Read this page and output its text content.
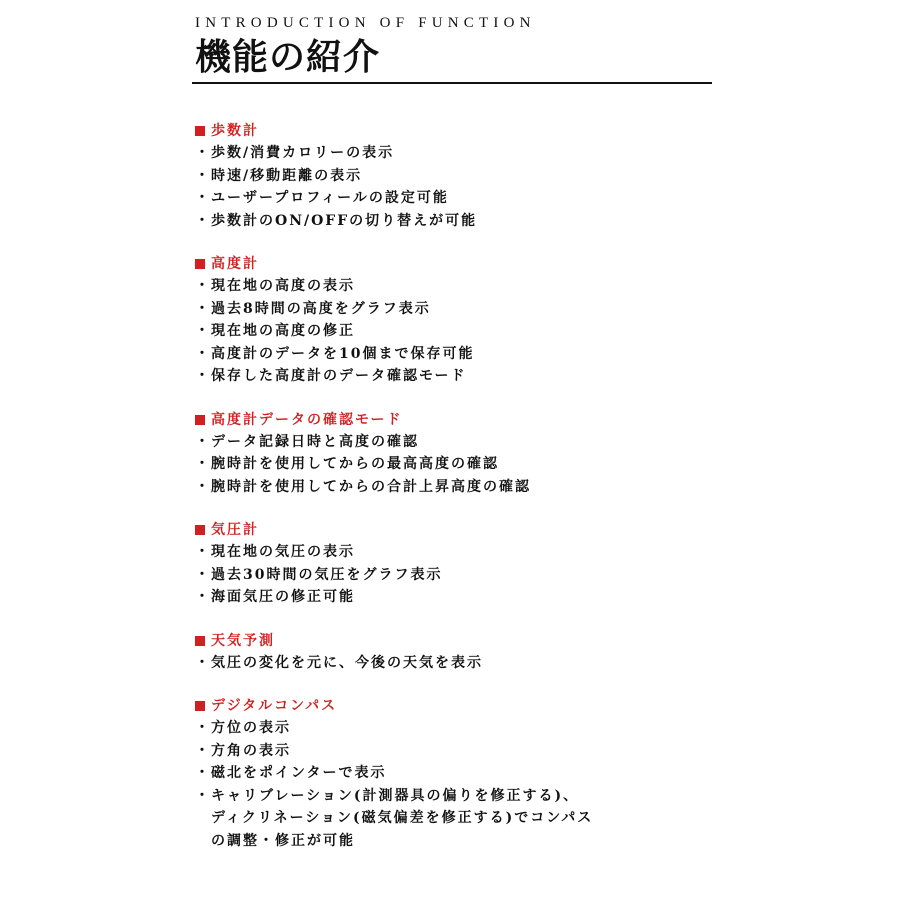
INTRODUCTION OF FUNCTION
機能の紹介
歩数計
・ 歩数/消費カロリーの表示
・ 時速/移動距離の表示
・ ユーザープロフィールの設定可能
・ 歩数計のON/OFFの切り替えが可能
高度計
・ 現在地の高度の表示
・ 過去8時間の高度をグラフ表示
・ 現在地の高度の修正
・ 高度計のデータを10個まで保存可能
・ 保存した高度計のデータ確認モード
高度計データの確認モード
・ データ記録日時と高度の確認
・ 腕時計を使用してからの最高高度の確認
・ 腕時計を使用してからの合計上昇高度の確認
気圧計
・ 現在地の気圧の表示
・ 過去30時間の気圧をグラフ表示
・ 海面気圧の修正可能
天気予測
・ 気圧の変化を元に、今後の天気を表示
デジタルコンパス
・ 方位の表示
・ 方角の表示
・ 磁北をポインターで表示
・ キャリブレーション(計測器具の偏りを修正する)、
ディクリネーション(磁気偏差を修正する)でコンパス
の調整・修正が可能
